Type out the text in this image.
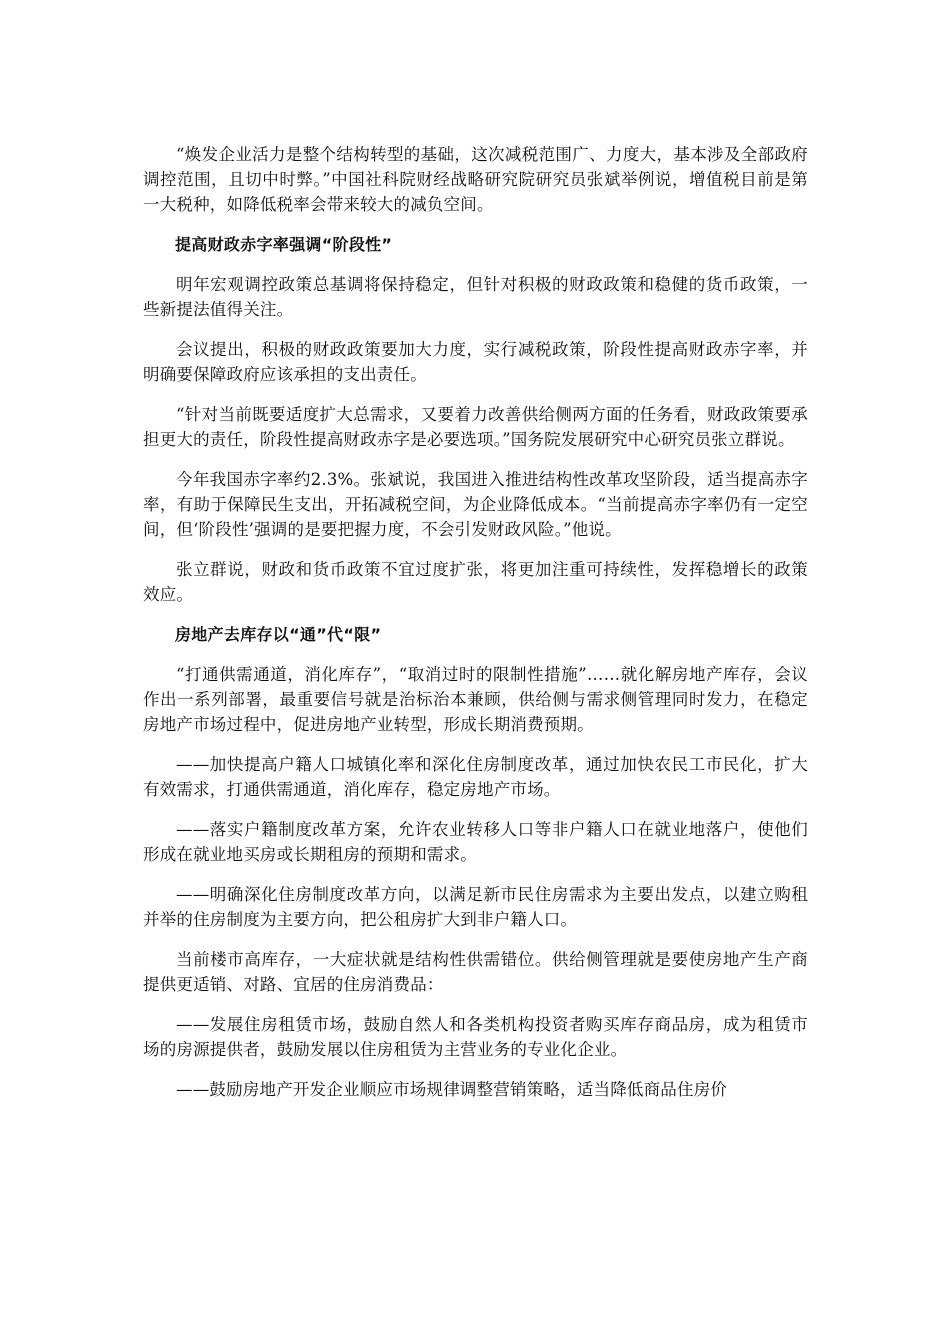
“焕发企业活力是整个结构转型的基础，这次减税范围广、力度大，基本涉及全部政府调控范围，且切中时弊。”中国社科院财经战略研究院研究员张斌举例说，增值税目前是第一大税种，如降低税率会带来较大的减负空间。

提高财政赤字率强调“阶段性”

明年宏观调控政策总基调将保持稳定，但针对积极的财政政策和稳健的货币政策，一些新提法值得关注。

会议提出，积极的财政政策要加大力度，实行减税政策，阶段性提高财政赤字率，并明确要保障政府应该承担的支出责任。

“针对当前既要适度扩大总需求，又要着力改善供给侧两方面的任务看，财政政策要承担更大的责任，阶段性提高财政赤字是必要选项。”国务院发展研究中心研究员张立群说。

今年我国赤字率约2.3%。张斌说，我国进入推进结构性改革攻坚阶段，适当提高赤字率，有助于保障民生支出，开拓减税空间，为企业降低成本。“当前提高赤字率仍有一定空间，但‘阶段性’强调的是要把握力度，不会引发财政风险。”他说。

张立群说，财政和货币政策不宜过度扩张，将更加注重可持续性，发挥稳增长的政策效应。

房地产去库存以“通”代“限”

“打通供需通道，消化库存”，“取消过时的限制性措施”……就化解房地产库存，会议作出一系列部署，最重要信号就是治标治本兼顾，供给侧与需求侧管理同时发力，在稳定房地产市场过程中，促进房地产业转型，形成长期消费预期。

——加快提高户籍人口城镇化率和深化住房制度改革，通过加快农民工市民化，扩大有效需求，打通供需通道，消化库存，稳定房地产市场。

——落实户籍制度改革方案，允许农业转移人口等非户籍人口在就业地落户，使他们形成在就业地买房或长期租房的预期和需求。

——明确深化住房制度改革方向，以满足新市民住房需求为主要出发点，以建立购租并举的住房制度为主要方向，把公租房扩大到非户籍人口。

当前楼市高库存，一大症状就是结构性供需错位。供给侧管理就是要使房地产生产商提供更适销、对路、宜居的住房消费品：

——发展住房租赁市场，鼓励自然人和各类机构投资者购买库存商品房，成为租赁市场的房源提供者，鼓励发展以住房租赁为主营业务的专业化企业。

——鼓励房地产开发企业顺应市场规律调整营销策略，适当降低商品住房价
